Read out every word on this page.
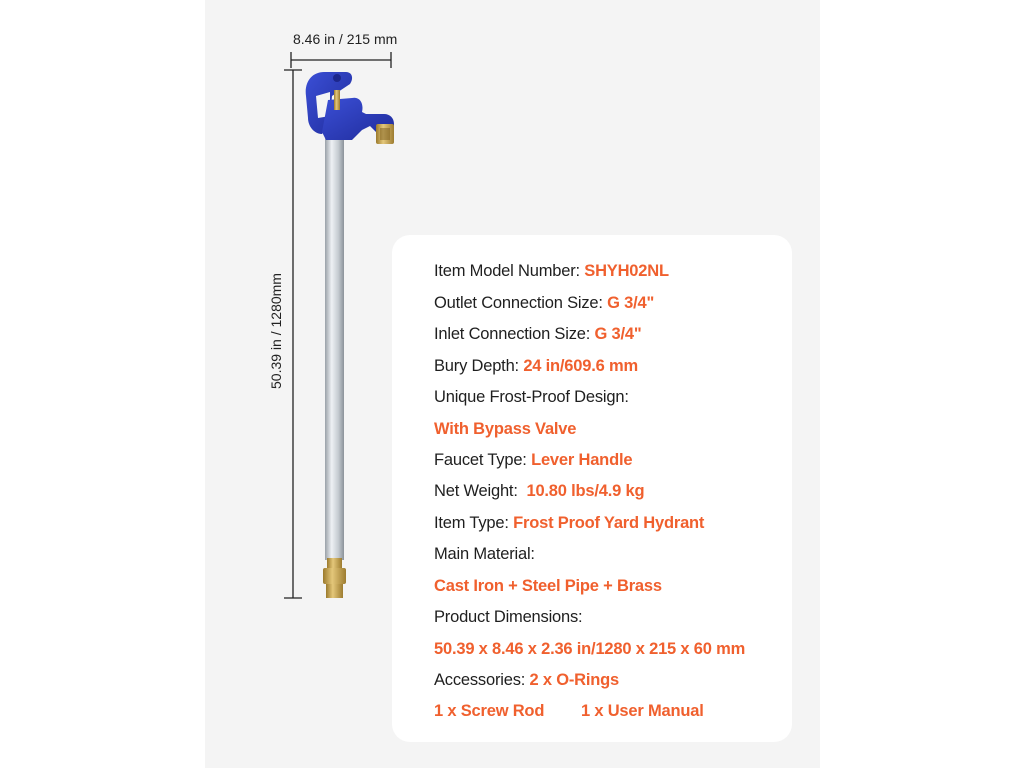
8.46 in / 215 mm
50.39 in / 1280mm
Item Model Number: SHYH02NL
Outlet Connection Size: G 3/4"
Inlet Connection Size: G 3/4"
Bury Depth: 24 in/609.6 mm
Unique Frost-Proof Design:
With Bypass Valve
Faucet Type: Lever Handle
Net Weight:  10.80 lbs/4.9 kg
Item Type: Frost Proof Yard Hydrant
Main Material:
Cast Iron + Steel Pipe + Brass
Product Dimensions:
50.39 x 8.46 x 2.36 in/1280 x 215 x 60 mm
Accessories: 2 x O-Rings
1 x Screw Rod 1 x User Manual
